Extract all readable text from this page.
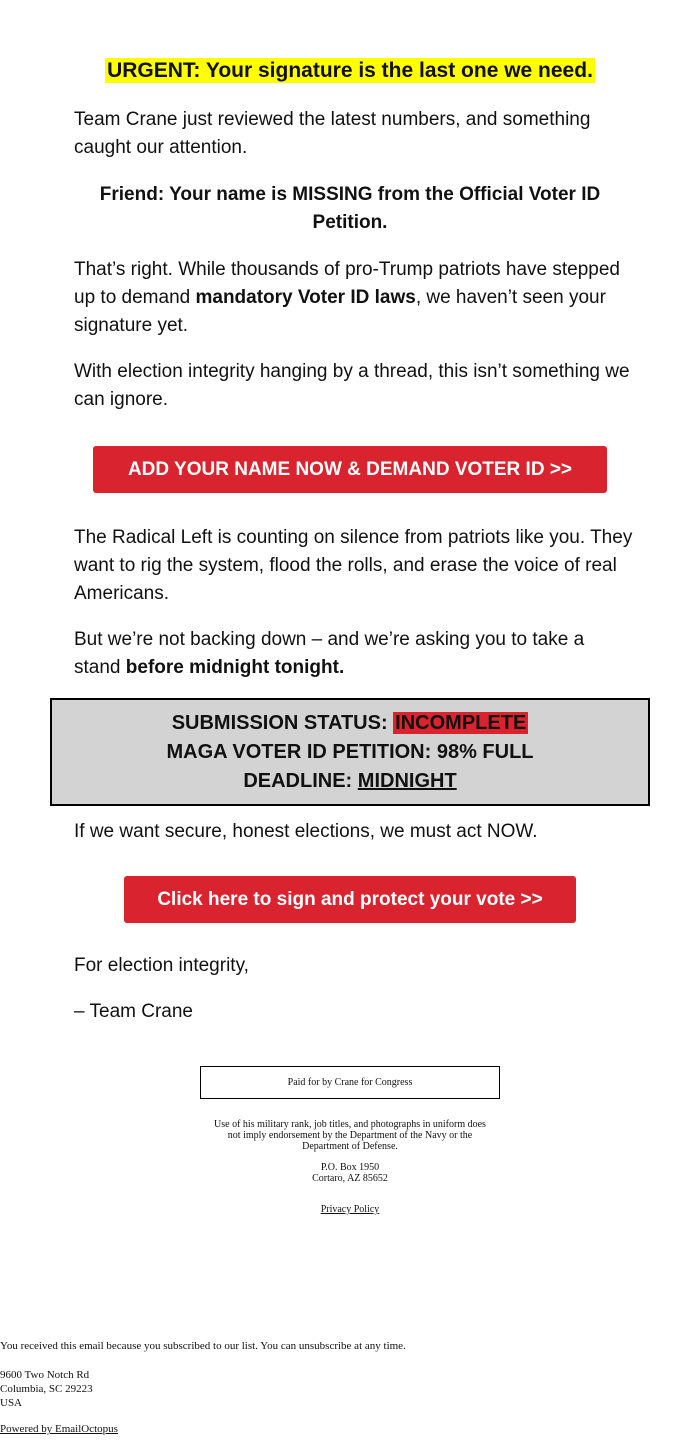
URGENT: Your signature is the last one we need.

Team Crane just reviewed the latest numbers, and something caught our attention.

Friend: Your name is MISSING from the Official Voter ID Petition.

That’s right. While thousands of pro-Trump patriots have stepped up to demand mandatory Voter ID laws, we haven’t seen your signature yet.

With election integrity hanging by a thread, this isn’t something we can ignore.

ADD YOUR NAME NOW & DEMAND VOTER ID >>

The Radical Left is counting on silence from patriots like you. They want to rig the system, flood the rolls, and erase the voice of real Americans.

But we’re not backing down – and we’re asking you to take a stand before midnight tonight.

SUBMISSION STATUS: INCOMPLETE
MAGA VOTER ID PETITION: 98% FULL
DEADLINE: MIDNIGHT

If we want secure, honest elections, we must act NOW.

Click here to sign and protect your vote >>

For election integrity,

– Team Crane

Paid for by Crane for Congress
Use of his military rank, job titles, and photographs in uniform does not imply endorsement by the Department of the Navy or the Department of Defense.
P.O. Box 1950
Cortaro, AZ 85652
Privacy Policy
You received this email because you subscribed to our list. You can unsubscribe at any time.
9600 Two Notch Rd
Columbia, SC 29223
USA
Powered by EmailOctopus
